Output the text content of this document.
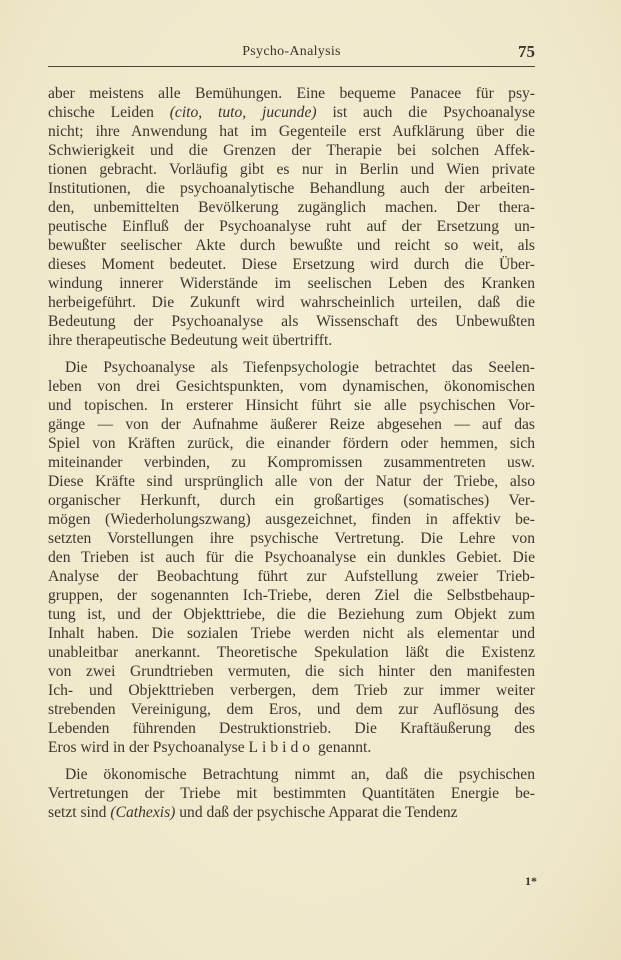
Psycho-Analysis	75
aber meistens alle Bemühungen. Eine bequeme Panacee für psy-
chische Leiden (cito, tuto, jucunde) ist auch die Psychoanalyse
nicht; ihre Anwendung hat im Gegenteile erst Aufklärung über die
Schwierigkeit und die Grenzen der Therapie bei solchen Affek-
tionen gebracht. Vorläufig gibt es nur in Berlin und Wien private
Institutionen, die psychoanalytische Behandlung auch der arbeiten-
den, unbemittelten Bevölkerung zugänglich machen. Der thera-
peutische Einfluß der Psychoanalyse ruht auf der Ersetzung un-
bewußter seelischer Akte durch bewußte und reicht so weit, als
dieses Moment bedeutet. Diese Ersetzung wird durch die Über-
windung innerer Widerstände im seelischen Leben des Kranken
herbeigeführt. Die Zukunft wird wahrscheinlich urteilen, daß die
Bedeutung der Psychoanalyse als Wissenschaft des Unbewußten
ihre therapeutische Bedeutung weit übertrifft.
Die Psychoanalyse als Tiefenpsychologie betrachtet das Seelen-
leben von drei Gesichtspunkten, vom dynamischen, ökonomischen
und topischen. In ersterer Hinsicht führt sie alle psychischen Vor-
gänge — von der Aufnahme äußerer Reize abgesehen — auf das
Spiel von Kräften zurück, die einander fördern oder hemmen, sich
miteinander verbinden, zu Kompromissen zusammentreten usw.
Diese Kräfte sind ursprünglich alle von der Natur der Triebe, also
organischer Herkunft, durch ein großartiges (somatisches) Ver-
mögen (Wiederholungszwang) ausgezeichnet, finden in affektiv be-
setzten Vorstellungen ihre psychische Vertretung. Die Lehre von
den Trieben ist auch für die Psychoanalyse ein dunkles Gebiet. Die
Analyse der Beobachtung führt zur Aufstellung zweier Trieb-
gruppen, der sogenannten Ich-Triebe, deren Ziel die Selbstbehaup-
tung ist, und der Objekttriebe, die die Beziehung zum Objekt zum
Inhalt haben. Die sozialen Triebe werden nicht als elementar und
unableitbar anerkannt. Theoretische Spekulation läßt die Existenz
von zwei Grundtrieben vermuten, die sich hinter den manifesten
Ich- und Objekttrieben verbergen, dem Trieb zur immer weiter
strebenden Vereinigung, dem Eros, und dem zur Auflösung des
Lebenden führenden Destruktionstrieb. Die Kraftäußerung des
Eros wird in der Psychoanalyse Libido genannt.
Die ökonomische Betrachtung nimmt an, daß die psychischen
Vertretungen der Triebe mit bestimmten Quantitäten Energie be-
setzt sind (Cathexis) und daß der psychische Apparat die Tendenz
1*
